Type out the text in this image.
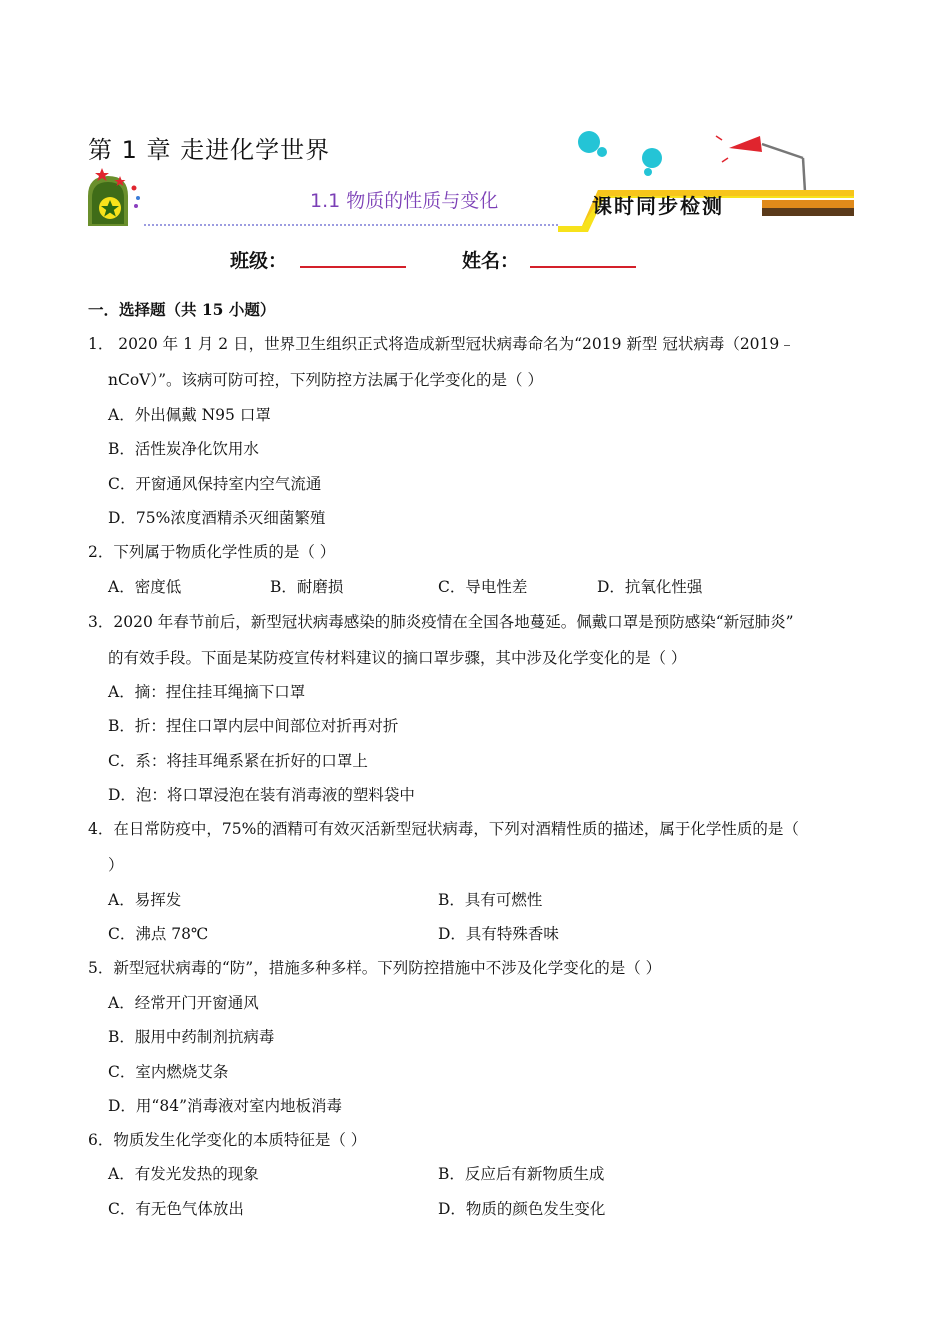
第 1 章 走进化学世界
1.1 物质的性质与变化	课时同步检测
班级：	姓名：
一．选择题（共 15 小题）
1． 2020 年 1 月 2 日，世界卫生组织正式将造成新型冠状病毒命名为“2019 新型 冠状病毒（2019﹣
nCoV）”。该病可防可控，下列防控方法属于化学变化的是（ ）
A．外出佩戴 N95 口罩
B．活性炭净化饮用水
C．开窗通风保持室内空气流通
D．75%浓度酒精杀灭细菌繁殖
2．下列属于物质化学性质的是（ ）
A．密度低	B．耐磨损	C．导电性差	D．抗氧化性强
3．2020 年春节前后，新型冠状病毒感染的肺炎疫情在全国各地蔓延。佩戴口罩是预防感染“新冠肺炎”
的有效手段。下面是某防疫宣传材料建议的摘口罩步骤，其中涉及化学变化的是（ ）
A．摘：捏住挂耳绳摘下口罩
B．折：捏住口罩内层中间部位对折再对折
C．系：将挂耳绳系紧在折好的口罩上
D．泡：将口罩浸泡在装有消毒液的塑料袋中
4．在日常防疫中，75%的酒精可有效灭活新型冠状病毒，下列对酒精性质的描述，属于化学性质的是（
）
A．易挥发	B．具有可燃性
C．沸点 78℃	D．具有特殊香味
5．新型冠状病毒的“防”，措施多种多样。下列防控措施中不涉及化学变化的是（ ）
A．经常开门开窗通风
B．服用中药制剂抗病毒
C．室内燃烧艾条
D．用“84”消毒液对室内地板消毒
6．物质发生化学变化的本质特征是（ ）
A．有发光发热的现象	B．反应后有新物质生成
C．有无色气体放出	D．物质的颜色发生变化
